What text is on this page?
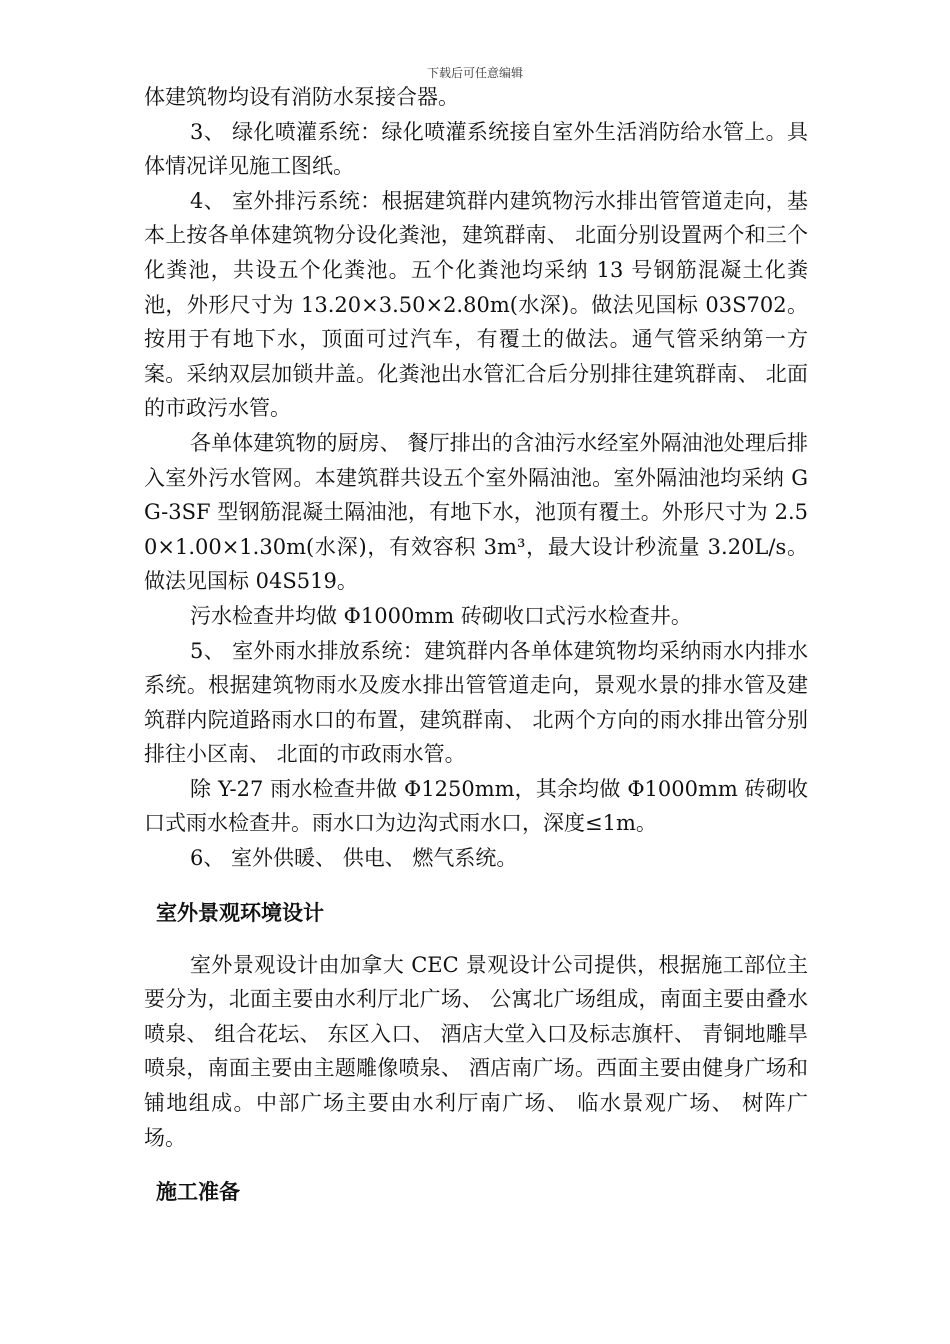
下载后可任意编辑

体建筑物均设有消防水泵接合器。

3、 绿化喷灌系统：绿化喷灌系统接自室外生活消防给水管上。具体情况详见施工图纸。

4、 室外排污系统：根据建筑群内建筑物污水排出管管道走向，基本上按各单体建筑物分设化粪池，建筑群南、 北面分别设置两个和三个化粪池，共设五个化粪池。五个化粪池均采纳 13 号钢筋混凝土化粪池，外形尺寸为 13.20×3.50×2.80m(水深)。做法见国标 03S702。按用于有地下水，顶面可过汽车，有覆土的做法。通气管采纳第一方案。采纳双层加锁井盖。化粪池出水管汇合后分别排往建筑群南、 北面的市政污水管。

各单体建筑物的厨房、 餐厅排出的含油污水经室外隔油池处理后排入室外污水管网。本建筑群共设五个室外隔油池。室外隔油池均采纳 GG-3SF 型钢筋混凝土隔油池，有地下水，池顶有覆土。外形尺寸为 2.50×1.00×1.30m(水深)，有效容积 3m³，最大设计秒流量 3.20L/s。做法见国标 04S519。

污水检查井均做 Φ1000mm 砖砌收口式污水检查井。

5、 室外雨水排放系统：建筑群内各单体建筑物均采纳雨水内排水系统。根据建筑物雨水及废水排出管管道走向，景观水景的排水管及建筑群内院道路雨水口的布置，建筑群南、 北两个方向的雨水排出管分别排往小区南、 北面的市政雨水管。

除 Y-27 雨水检查井做 Φ1250mm，其余均做 Φ1000mm 砖砌收口式雨水检查井。雨水口为边沟式雨水口，深度≤1m。

6、 室外供暖、 供电、 燃气系统。

室外景观环境设计

室外景观设计由加拿大 CEC 景观设计公司提供，根据施工部位主要分为，北面主要由水利厅北广场、 公寓北广场组成，南面主要由叠水喷泉、 组合花坛、 东区入口、 酒店大堂入口及标志旗杆、 青铜地雕旱喷泉，南面主要由主题雕像喷泉、 酒店南广场。西面主要由健身广场和铺地组成。中部广场主要由水利厅南广场、 临水景观广场、 树阵广场。

施工准备
